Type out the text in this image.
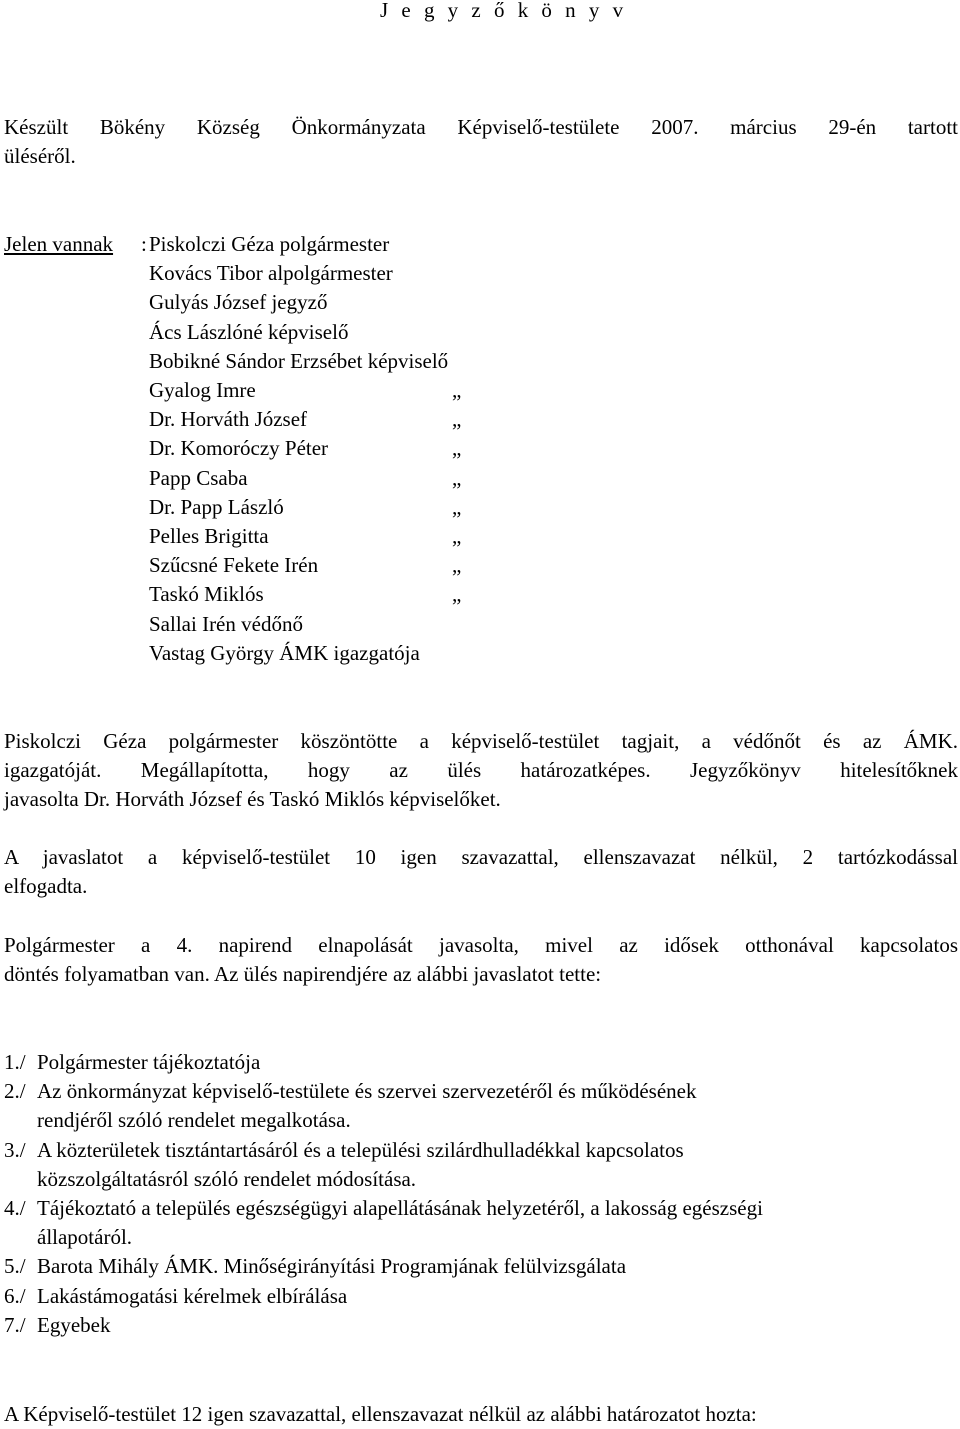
J e g y z ő k ö n y v
Készült Bökény Község Önkormányzata Képviselő-testülete 2007. március 29-én tartott
üléséről.
Jelen vannak : Piskolczi Géza polgármester
Kovács Tibor alpolgármester
Gulyás József jegyző
Ács Lászlóné képviselő
Bobikné Sándor Erzsébet képviselő
Gyalog Imre	„
Dr. Horváth József	„
Dr. Komoróczy Péter	„
Papp Csaba	„
Dr. Papp László	„
Pelles Brigitta	„
Szűcsné Fekete Irén	„
Taskó Miklós	„
Sallai Irén védőnő
Vastag György ÁMK igazgatója
Piskolczi Géza polgármester köszöntötte a képviselő-testület tagjait, a védőnőt és az ÁMK.
igazgatóját. Megállapította, hogy az ülés határozatképes. Jegyzőkönyv hitelesítőknek
javasolta Dr. Horváth József és Taskó Miklós képviselőket.
A javaslatot a képviselő-testület 10 igen szavazattal, ellenszavazat nélkül, 2 tartózkodással
elfogadta.
Polgármester a 4. napirend elnapolását javasolta, mivel az idősek otthonával kapcsolatos
döntés folyamatban van. Az ülés napirendjére az alábbi javaslatot tette:
1./ Polgármester tájékoztatója
2./ Az önkormányzat képviselő-testülete és szervei szervezetéről és működésének
rendjéről szóló rendelet megalkotása.
3./ A közterületek tisztántartásáról és a települési szilárdhulladékkal kapcsolatos
közszolgáltatásról szóló rendelet módosítása.
4./ Tájékoztató a település egészségügyi alapellátásának helyzetéről, a lakosság egészségi
állapotáról.
5./ Barota Mihály ÁMK. Minőségirányítási Programjának felülvizsgálata
6./ Lakástámogatási kérelmek elbírálása
7./ Egyebek
A Képviselő-testület 12 igen szavazattal, ellenszavazat nélkül az alábbi határozatot hozta:
